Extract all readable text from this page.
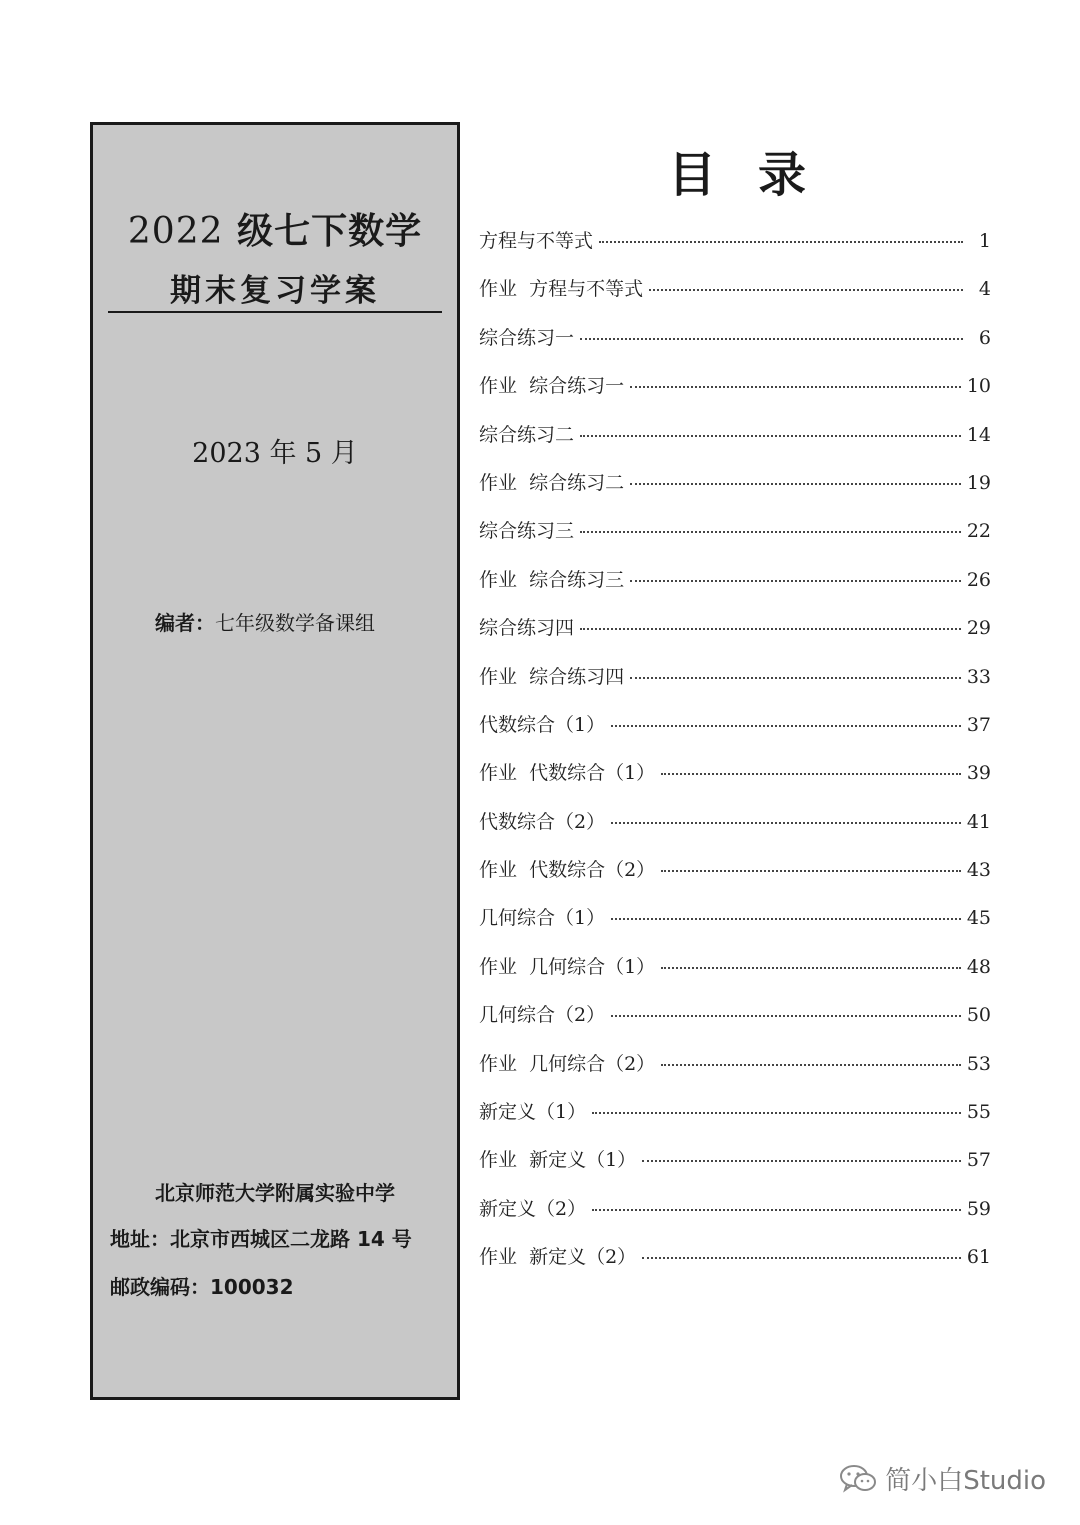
2022 级七下数学
期末复习学案
2023 年 5 月
编者：七年级数学备课组
北京师范大学附属实验中学
地址：北京市西城区二龙路 14 号
邮政编码：100032
目录
方程与不等式	1
作业  方程与不等式	4
综合练习一	6
作业  综合练习一	10
综合练习二	14
作业  综合练习二	19
综合练习三	22
作业  综合练习三	26
综合练习四	29
作业  综合练习四	33
代数综合（1）	37
作业  代数综合（1）	39
代数综合（2）	41
作业  代数综合（2）	43
几何综合（1）	45
作业  几何综合（1）	48
几何综合（2）	50
作业  几何综合（2）	53
新定义（1）	55
作业  新定义（1）	57
新定义（2）	59
作业  新定义（2）	61
简小白Studio
